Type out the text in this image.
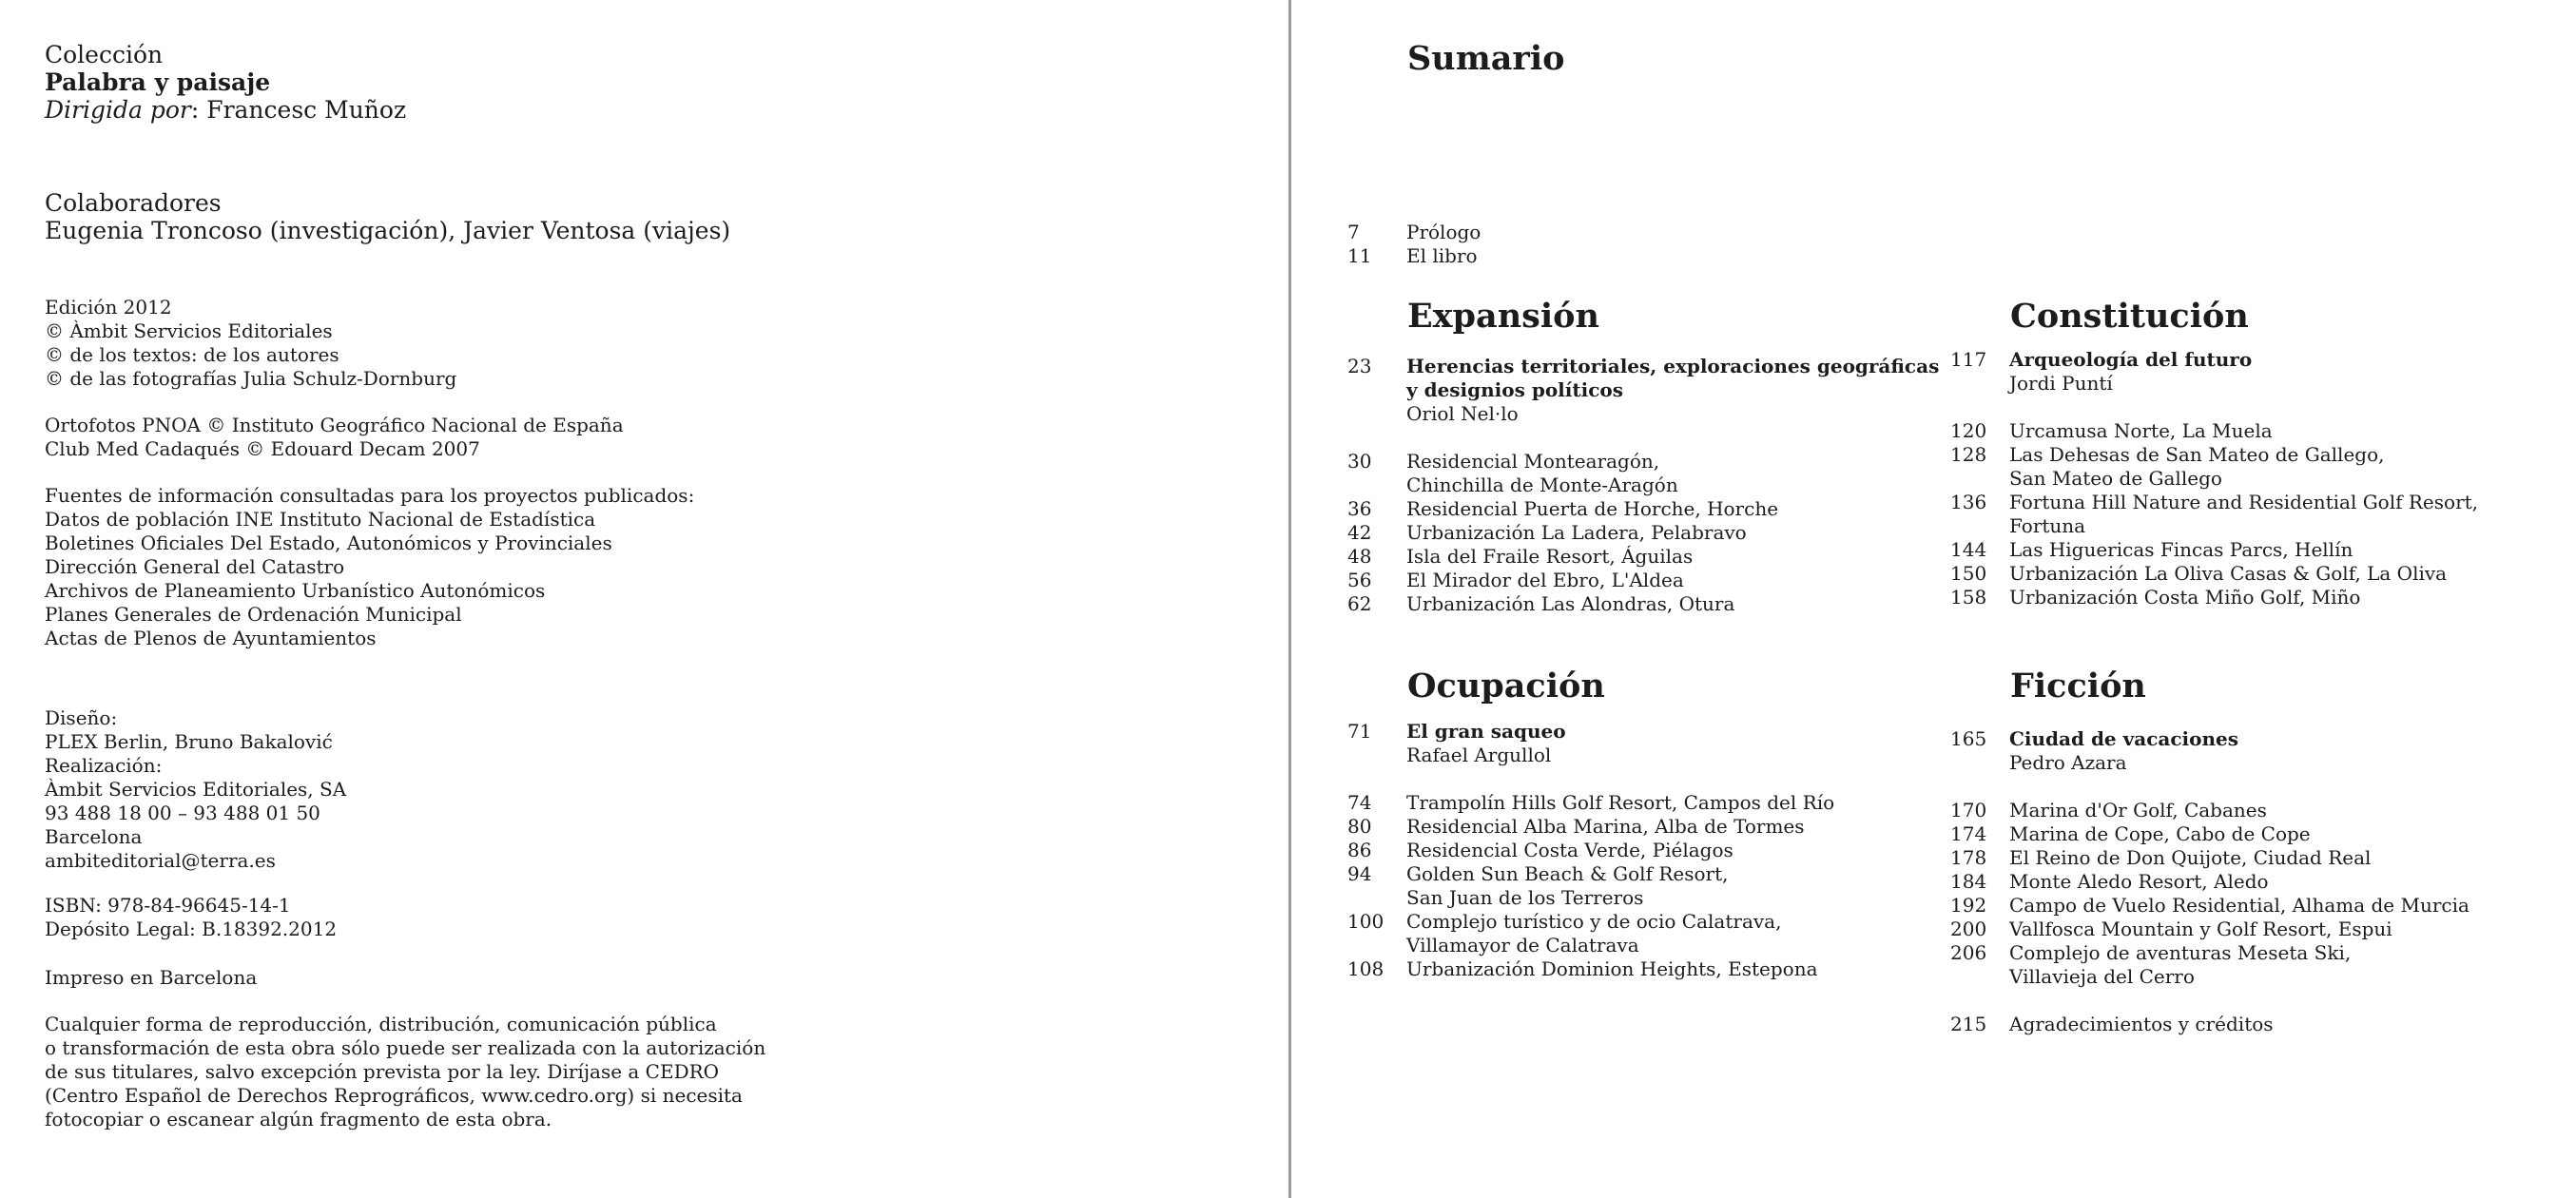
Colección
Palabra y paisaje
Dirigida por: Francesc Muñoz
Colaboradores
Eugenia Troncoso (investigación), Javier Ventosa (viajes)
Edición 2012
© Àmbit Servicios Editoriales
© de los textos: de los autores
© de las fotografías Julia Schulz-Dornburg
Ortofotos PNOA © Instituto Geográfico Nacional de España
Club Med Cadaqués © Edouard Decam 2007
Fuentes de información consultadas para los proyectos publicados:
Datos de población INE Instituto Nacional de Estadística
Boletines Oficiales Del Estado, Autonómicos y Provinciales
Dirección General del Catastro
Archivos de Planeamiento Urbanístico Autonómicos
Planes Generales de Ordenación Municipal
Actas de Plenos de Ayuntamientos
Diseño:
PLEX Berlin, Bruno Bakalović
Realización:
Àmbit Servicios Editoriales, SA
93 488 18 00 – 93 488 01 50
Barcelona
ambiteditorial@terra.es
ISBN: 978-84-96645-14-1
Depósito Legal: B.18392.2012
Impreso en Barcelona
Cualquier forma de reproducción, distribución, comunicación pública
o transformación de esta obra sólo puede ser realizada con la autorización
de sus titulares, salvo excepción prevista por la ley. Diríjase a CEDRO
(Centro Español de Derechos Reprográficos, www.cedro.org) si necesita
fotocopiar o escanear algún fragmento de esta obra.
Sumario
7	Prólogo
11	El libro
Expansión
23	Herencias territoriales, exploraciones geográficas
y designios políticos
Oriol Nel·lo
30	Residencial Montearagón,
Chinchilla de Monte-Aragón
36	Residencial Puerta de Horche, Horche
42	Urbanización La Ladera, Pelabravo
48	Isla del Fraile Resort, Águilas
56	El Mirador del Ebro, L'Aldea
62	Urbanización Las Alondras, Otura
Constitución
117	Arqueología del futuro
Jordi Puntí
120	Urcamusa Norte, La Muela
128	Las Dehesas de San Mateo de Gallego,
San Mateo de Gallego
136	Fortuna Hill Nature and Residential Golf Resort,
Fortuna
144	Las Higuericas Fincas Parcs, Hellín
150	Urbanización La Oliva Casas & Golf, La Oliva
158	Urbanización Costa Miño Golf, Miño
Ocupación
71	El gran saqueo
Rafael Argullol
74	Trampolín Hills Golf Resort, Campos del Río
80	Residencial Alba Marina, Alba de Tormes
86	Residencial Costa Verde, Piélagos
94	Golden Sun Beach & Golf Resort,
San Juan de los Terreros
100	Complejo turístico y de ocio Calatrava,
Villamayor de Calatrava
108	Urbanización Dominion Heights, Estepona
Ficción
165	Ciudad de vacaciones
Pedro Azara
170	Marina d'Or Golf, Cabanes
174	Marina de Cope, Cabo de Cope
178	El Reino de Don Quijote, Ciudad Real
184	Monte Aledo Resort, Aledo
192	Campo de Vuelo Residential, Alhama de Murcia
200	Vallfosca Mountain y Golf Resort, Espui
206	Complejo de aventuras Meseta Ski,
Villavieja del Cerro
215	Agradecimientos y créditos
